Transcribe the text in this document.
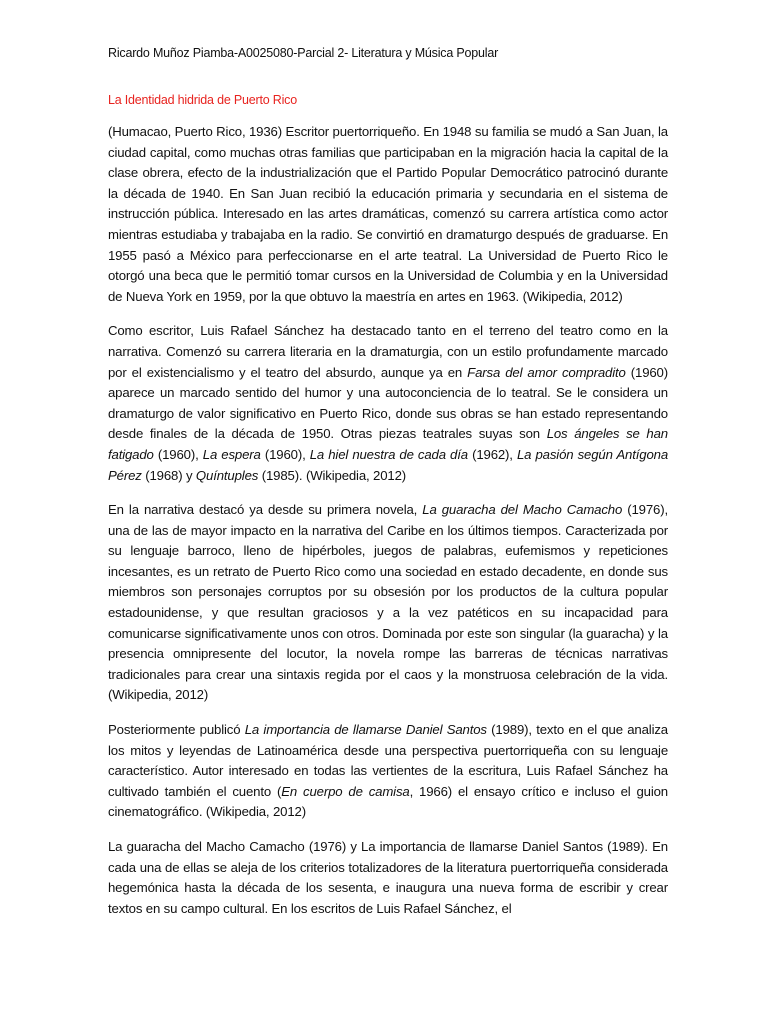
Ricardo Muñoz Piamba-A0025080-Parcial 2- Literatura y Música Popular
La Identidad hidrida de Puerto Rico

(Humacao, Puerto Rico, 1936) Escritor puertorriqueño. En 1948 su familia se mudó a San Juan, la ciudad capital, como muchas otras familias que participaban en la migración hacia la capital de la clase obrera, efecto de la industrialización que el Partido Popular Democrático patrocinó durante la década de 1940. En San Juan recibió la educación primaria y secundaria en el sistema de instrucción pública. Interesado en las artes dramáticas, comenzó su carrera artística como actor mientras estudiaba y trabajaba en la radio. Se convirtió en dramaturgo después de graduarse. En 1955 pasó a México para perfeccionarse en el arte teatral. La Universidad de Puerto Rico le otorgó una beca que le permitió tomar cursos en la Universidad de Columbia y en la Universidad de Nueva York en 1959, por la que obtuvo la maestría en artes en 1963. (Wikipedia, 2012)

Como escritor, Luis Rafael Sánchez ha destacado tanto en el terreno del teatro como en la narrativa. Comenzó su carrera literaria en la dramaturgia, con un estilo profundamente marcado por el existencialismo y el teatro del absurdo, aunque ya en Farsa del amor compradito (1960) aparece un marcado sentido del humor y una autoconciencia de lo teatral. Se le considera un dramaturgo de valor significativo en Puerto Rico, donde sus obras se han estado representando desde finales de la década de 1950. Otras piezas teatrales suyas son Los ángeles se han fatigado (1960), La espera (1960), La hiel nuestra de cada día (1962), La pasión según Antígona Pérez (1968) y Quíntuples (1985). (Wikipedia, 2012)

En la narrativa destacó ya desde su primera novela, La guaracha del Macho Camacho (1976), una de las de mayor impacto en la narrativa del Caribe en los últimos tiempos. Caracterizada por su lenguaje barroco, lleno de hipérboles, juegos de palabras, eufemismos y repeticiones incesantes, es un retrato de Puerto Rico como una sociedad en estado decadente, en donde sus miembros son personajes corruptos por su obsesión por los productos de la cultura popular estadounidense, y que resultan graciosos y a la vez patéticos en su incapacidad para comunicarse significativamente unos con otros. Dominada por este son singular (la guaracha) y la presencia omnipresente del locutor, la novela rompe las barreras de técnicas narrativas tradicionales para crear una sintaxis regida por el caos y la monstruosa celebración de la vida. (Wikipedia, 2012)

Posteriormente publicó La importancia de llamarse Daniel Santos (1989), texto en el que analiza los mitos y leyendas de Latinoamérica desde una perspectiva puertorriqueña con su lenguaje característico. Autor interesado en todas las vertientes de la escritura, Luis Rafael Sánchez ha cultivado también el cuento (En cuerpo de camisa, 1966) el ensayo crítico e incluso el guion cinematográfico. (Wikipedia, 2012)

La guaracha del Macho Camacho (1976) y La importancia de llamarse Daniel Santos (1989). En cada una de ellas se aleja de los criterios totalizadores de la literatura puertorriqueña considerada hegemónica hasta la década de los sesenta, e inaugura una nueva forma de escribir y crear textos en su campo cultural. En los escritos de Luis Rafael Sánchez, el
